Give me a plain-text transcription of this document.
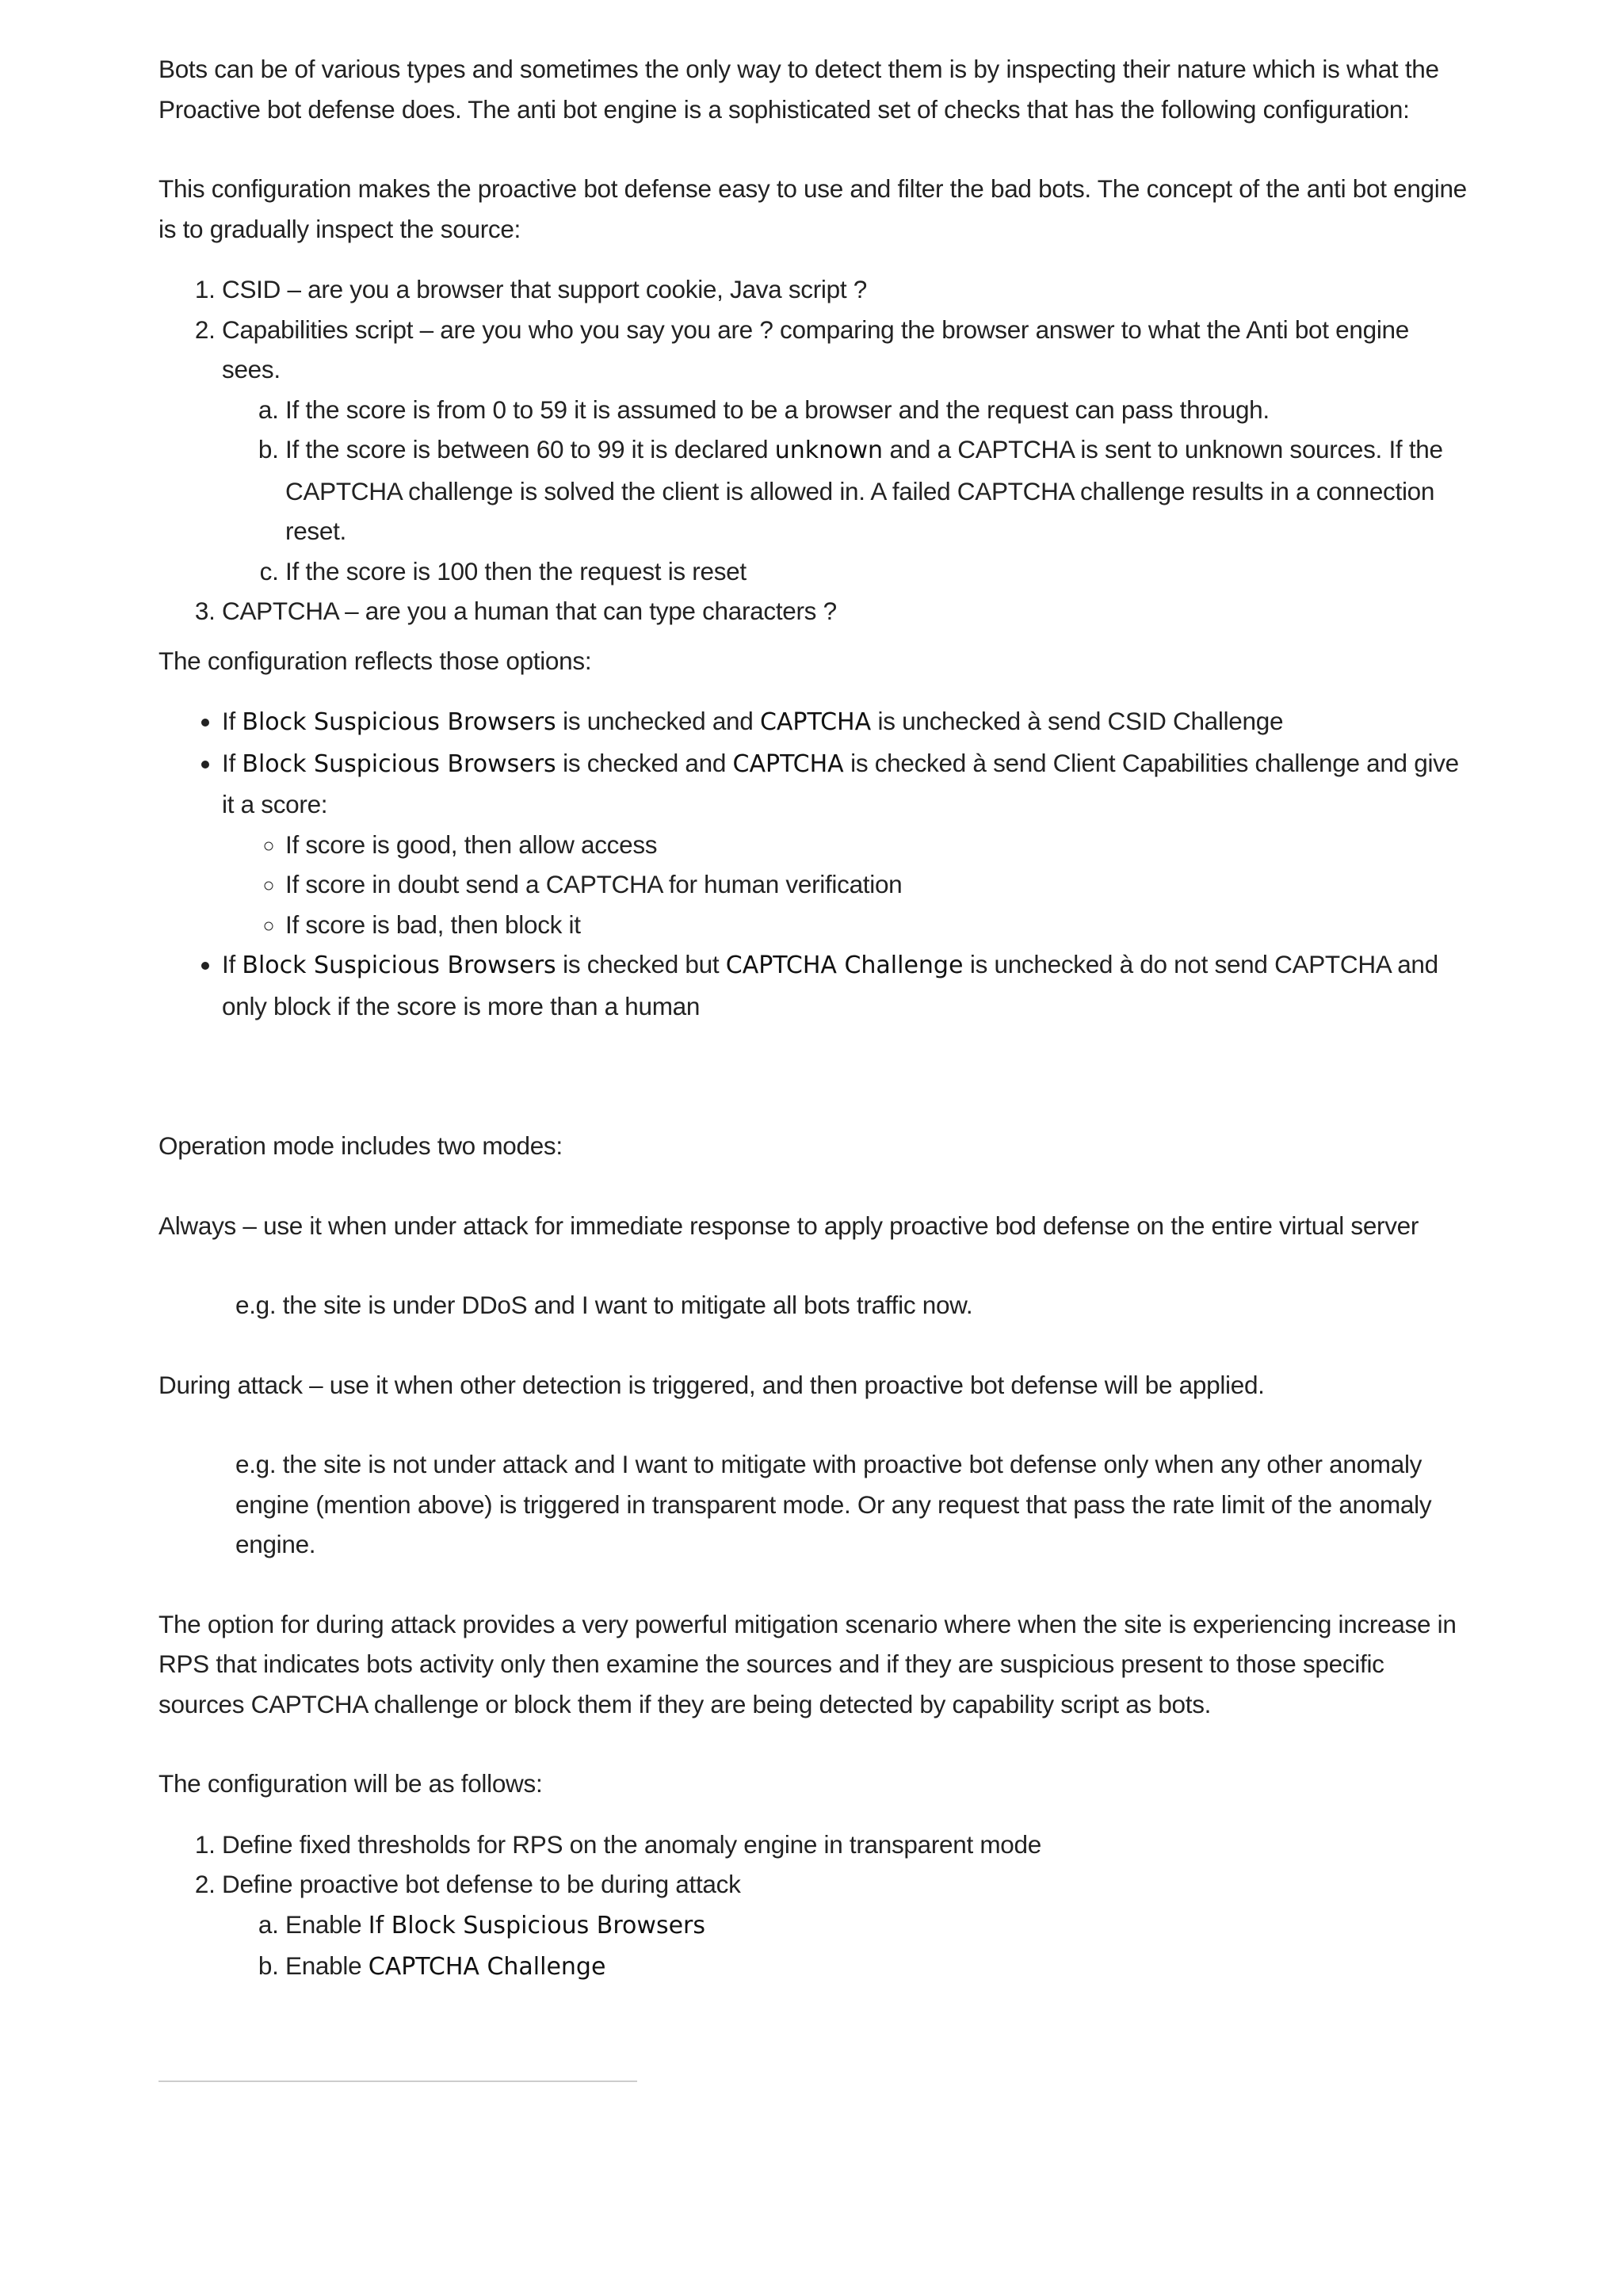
Bots can be of various types and sometimes the only way to detect them is by inspecting their nature which is what the Proactive bot defense does. The anti bot engine is a sophisticated set of checks that has the following configuration:

This configuration makes the proactive bot defense easy to use and filter the bad bots. The concept of the anti bot engine is to gradually inspect the source:

1. CSID – are you a browser that support cookie, Java script ?
2. Capabilities script – are you who you say you are ? comparing the browser answer to what the Anti bot engine sees.
a. If the score is from 0 to 59 it is assumed to be a browser and the request can pass through.
b. If the score is between 60 to 99 it is declared unknown and a CAPTCHA is sent to unknown sources. If the CAPTCHA challenge is solved the client is allowed in. A failed CAPTCHA challenge results in a connection reset.
c. If the score is 100 then the request is reset
3. CAPTCHA – are you a human that can type characters ?

The configuration reflects those options:

• If Block Suspicious Browsers is unchecked and CAPTCHA is unchecked à send CSID Challenge
• If Block Suspicious Browsers is checked and CAPTCHA is checked à send Client Capabilities challenge and give it a score:
◦ If score is good, then allow access
◦ If score in doubt send a CAPTCHA for human verification
◦ If score is bad, then block it
• If Block Suspicious Browsers is checked but CAPTCHA Challenge is unchecked à do not send CAPTCHA and only block if the score is more than a human

Operation mode includes two modes:

Always – use it when under attack for immediate response to apply proactive bod defense on the entire virtual server

e.g. the site is under DDoS and I want to mitigate all bots traffic now.

During attack – use it when other detection is triggered, and then proactive bot defense will be applied.

e.g. the site is not under attack and I want to mitigate with proactive bot defense only when any other anomaly engine (mention above) is triggered in transparent mode. Or any request that pass the rate limit of the anomaly engine.

The option for during attack provides a very powerful mitigation scenario where when the site is experiencing increase in RPS that indicates bots activity only then examine the sources and if they are suspicious present to those specific sources CAPTCHA challenge or block them if they are being detected by capability script as bots.

The configuration will be as follows:

1. Define fixed thresholds for RPS on the anomaly engine in transparent mode
2. Define proactive bot defense to be during attack
a. Enable If Block Suspicious Browsers
b. Enable CAPTCHA Challenge
